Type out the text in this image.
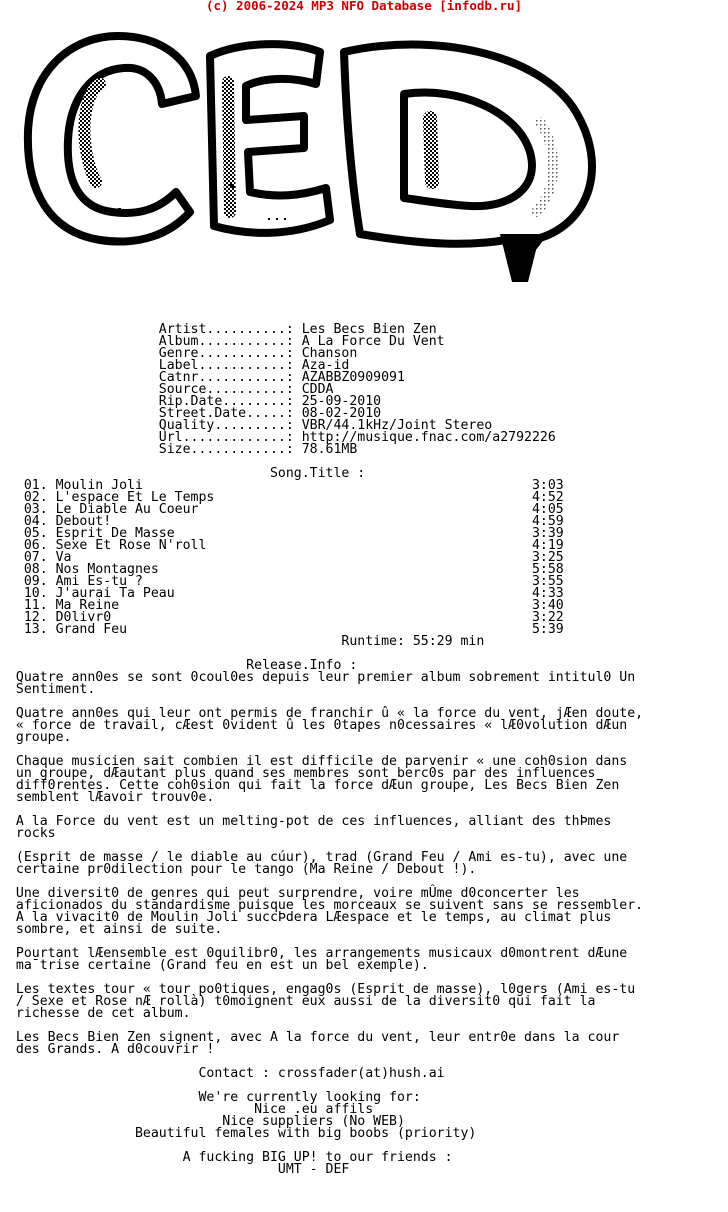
(c) 2006-2024 MP3 NFO Database [infodb.ru]

Artist..........: Les Becs Bien Zen
Album...........: A La Force Du Vent
Genre...........: Chanson
Label...........: Aza-id
Catnr...........: AZABBZ0909091
Source..........: CDDA
Rip.Date........: 25-09-2010
Street.Date.....: 08-02-2010
Quality.........: VBR/44.1kHz/Joint Stereo
Url.............: http://musique.fnac.com/a2792226
Size............: 78.61MB

Song.Title :
01. Moulin Joli                                                 3:03
02. L'espace Et Le Temps                                        4:52
03. Le Diable Au Coeur                                          4:05
04. Debout!                                                     4:59
05. Esprit De Masse                                             3:39
06. Sexe Et Rose N'roll                                         4:19
07. Va                                                          3:25
08. Nos Montagnes                                               5:58
09. Ami Es-tu ?                                                 3:55
10. J'aurai Ta Peau                                             4:33
11. Ma Reine                                                    3:40
12. D0livr0                                                     3:22
13. Grand Feu                                                   5:39
Runtime: 55:29 min

Release.Info :
Quatre ann0es se sont 0coul0es depuis leur premier album sobrement intitul0 Un
Sentiment.

Quatre ann0es qui leur ont permis de franchir û « la force du vent, jÆen doute,
« force de travail, cÆest 0vident û les 0tapes n0cessaires « lÆ0volution dÆun
groupe.

Chaque musicien sait combien il est difficile de parvenir « une coh0sion dans
un groupe, dÆautant plus quand ses membres sont berc0s par des influences
diff0rentes. Cette coh0sion qui fait la force dÆun groupe, Les Becs Bien Zen
semblent lÆavoir trouv0e.

A la Force du vent est un melting-pot de ces influences, alliant des thÞmes
rocks

(Esprit de masse / le diable au cúur), trad (Grand Feu / Ami es-tu), avec une
certaine pr0dilection pour le tango (Ma Reine / Debout !).

Une diversit0 de genres qui peut surprendre, voire mÛme d0concerter les
aficionados du standardisme puisque les morceaux se suivent sans se ressembler.
A la vivacit0 de Moulin Joli succÞdera LÆespace et le temps, au climat plus
sombre, et ainsi de suite.

Pourtant lÆensemble est 0quilibr0, les arrangements musicaux d0montrent dÆune
ma¯trise certaine (Grand feu en est un bel exemple).

Les textes tour « tour po0tiques, engag0s (Esprit de masse), l0gers (Ami es-tu
/ Sexe et Rose nÆ rollà) t0moignent eux aussi de la diversit0 qui fait la
richesse de cet album.

Les Becs Bien Zen signent, avec A la force du vent, leur entr0e dans la cour
des Grands. A d0couvrir !

Contact : crossfader(at)hush.ai

We're currently looking for:
Nice .eu affils
Nice suppliers (No WEB)
Beautiful females with big boobs (priority)

A fucking BIG UP! to our friends :
UMT - DEF
